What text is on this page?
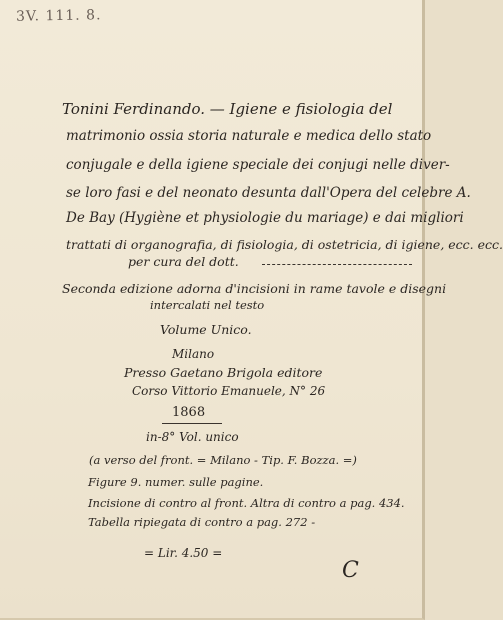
3V. 111. 8.
Tonini Ferdinando. — Igiene e fisiologia del
matrimonio ossia storia naturale e medica dello stato
conjugale e della igiene speciale dei conjugi nelle diver-
se loro fasi e del neonato desunta dall'Opera del celebre A.
De Bay (Hygiène et physiologie du mariage) e dai migliori
trattati di organografia, di fisiologia, di ostetricia, di igiene, ecc. ecc.
per cura del dott.
Seconda edizione adorna d'incisioni in rame tavole e disegni
intercalati nel testo
Volume Unico.
Milano
Presso Gaetano Brigola editore
Corso Vittorio Emanuele, N° 26
1868
in-8° Vol. unico
(a verso del front. = Milano - Tip. F. Bozza. =)
Figure 9. numer. sulle pagine.
Incisione di contro al front. Altra di contro a pag. 434.
Tabella ripiegata di contro a pag. 272 -
= Lir. 4.50 =
C
